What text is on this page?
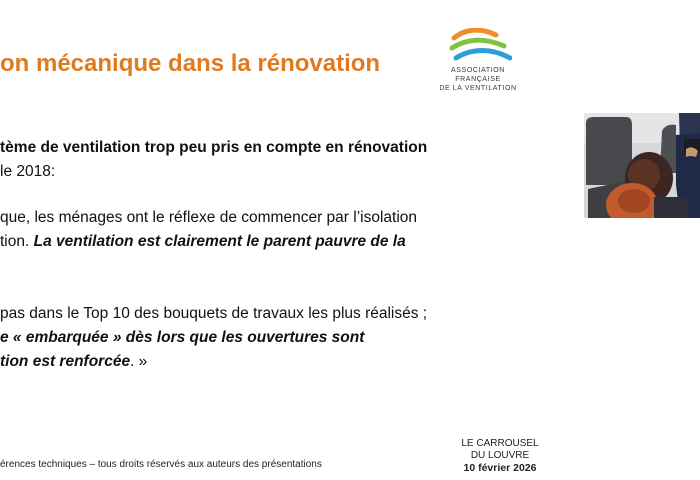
on mécanique dans la rénovation	ASSOCIATION FRANÇAISE
DE LA VENTILATION
tème de ventilation trop peu pris en compte en rénovation
le 2018:
que, les ménages ont le réflexe de commencer par l’isolation
tion. La ventilation est clairement le parent pauvre de la
pas dans le Top 10 des bouquets de travaux les plus réalisés ;
e « embarquée » dès lors que les ouvertures sont
tion est renforcée. »
érences techniques – tous droits réservés aux auteurs des présentations
LE CARROUSEL
DU LOUVRE
10 février 2026
